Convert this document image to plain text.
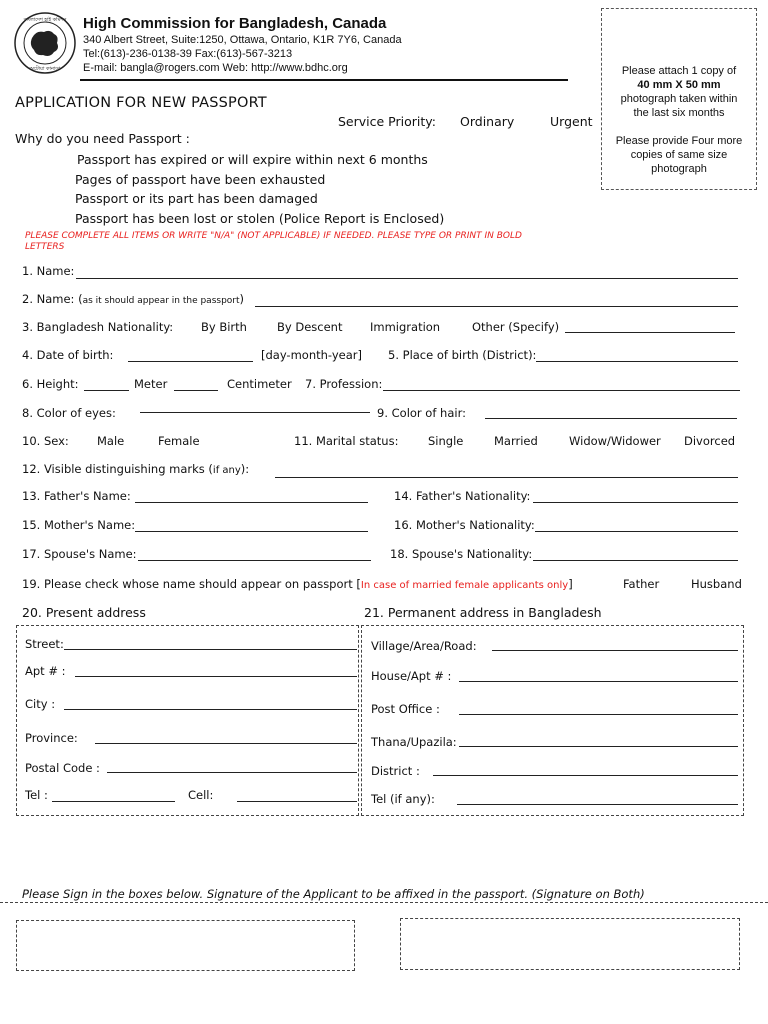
বাংলাদেশ হাই কমিশন
অটোয়া কানাডা
High Commission for Bangladesh, Canada
340 Albert Street, Suite:1250, Ottawa, Ontario, K1R 7Y6, Canada
Tel:(613)-236-0138-39 Fax:(613)-567-3213
E-mail: bangla@rogers.com Web: http://www.bdhc.org	Please attach 1 copy of
40 mm X 50 mm
photograph taken within
the last six months
Please provide Four more
copies of same size
photograph
APPLICATION FOR NEW PASSPORT
Service Priority: Ordinary	Urgent
Why do you need Passport :
Passport has expired or will expire within next 6 months
Pages of passport have been exhausted
Passport or its part has been damaged
Passport has been lost or stolen (Police Report is Enclosed)
PLEASE COMPLETE ALL ITEMS OR WRITE "N/A" (NOT APPLICABLE) IF NEEDED. PLEASE TYPE OR PRINT IN BOLD
LETTERS
1. Name:
2. Name: (as it should appear in the passport)
3. Bangladesh Nationality: By Birth	By Descent Immigration	Other (Specify)
4. Date of birth:	[day-month-year] 5. Place of birth (District):
6. Height:	Meter	Centimeter 7. Profession:
8. Color of eyes:	9. Color of hair:
10. Sex: Male	Female	11. Marital status:	Single	Married	Widow/Widower Divorced
12. Visible distinguishing marks (if any):
13. Father's Name:	14. Father's Nationality:
15. Mother's Name:	16. Mother's Nationality:
17. Spouse's Name:	18. Spouse's Nationality:
19. Please check whose name should appear on passport [In case of married female applicants only]	Father	Husband
20. Present address	21. Permanent address in Bangladesh
Street:
Apt # :
City :
Province:
Postal Code :
Tel :	Cell:
Village/Area/Road:
House/Apt # :
Post Office :
Thana/Upazila:
District :
Tel (if any):
Please Sign in the boxes below. Signature of the Applicant to be affixed in the passport. (Signature on Both)
